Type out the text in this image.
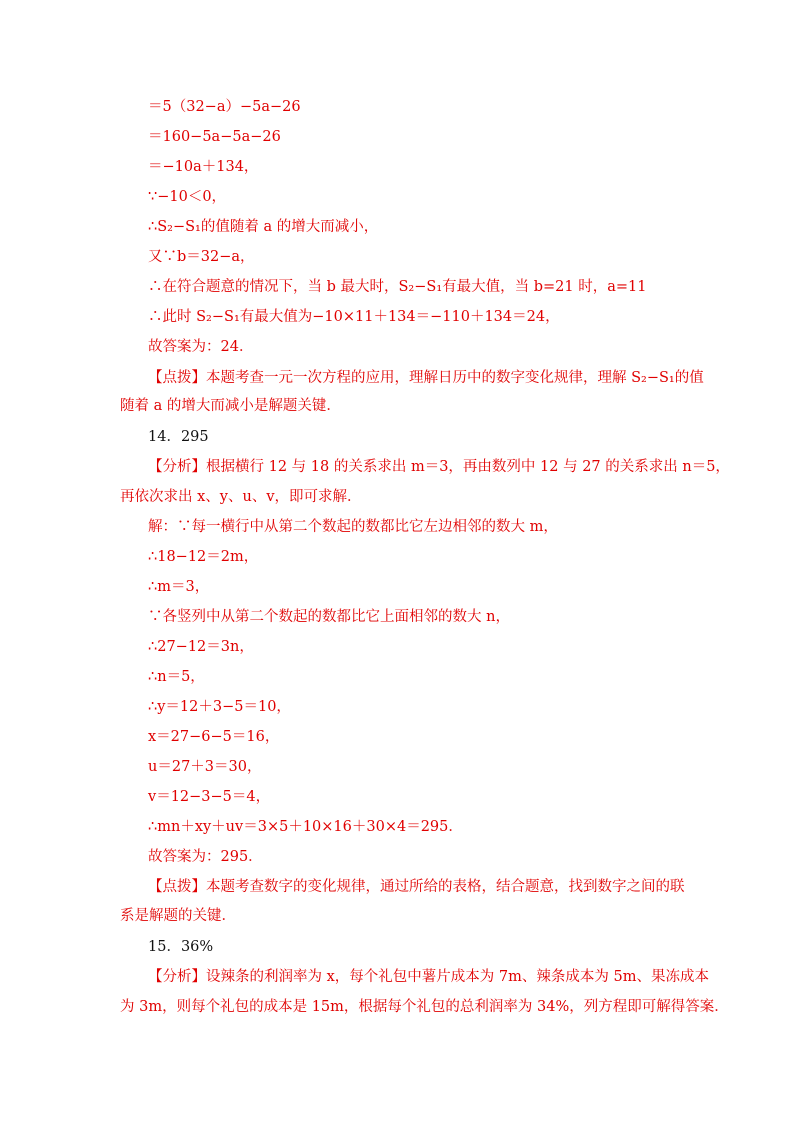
＝5（32−a）−5a−26
＝160−5a−5a−26
＝−10a＋134，
∵−10＜0，
∴S₂−S₁的值随着 a 的增大而减小，
又∵b＝32−a，
∴在符合题意的情况下，当 b 最大时，S₂−S₁有最大值，当 b=21 时，a=11
∴此时 S₂−S₁有最大值为−10×11＋134＝−110＋134＝24，
故答案为：24．
【点拨】本题考查一元一次方程的应用，理解日历中的数字变化规律，理解 S₂−S₁的值
随着 a 的增大而减小是解题关键．
14．295
【分析】根据横行 12 与 18 的关系求出 m＝3，再由数列中 12 与 27 的关系求出 n＝5，
再依次求出 x、y、u、v，即可求解．
解：∵每一横行中从第二个数起的数都比它左边相邻的数大 m，
∴18−12＝2m，
∴m＝3，
∵各竖列中从第二个数起的数都比它上面相邻的数大 n，
∴27−12＝3n，
∴n＝5，
∴y＝12＋3−5＝10，
x＝27−6−5＝16，
u＝27＋3＝30，
v＝12−3−5＝4，
∴mn＋xy＋uv＝3×5＋10×16＋30×4＝295．
故答案为：295．
【点拨】本题考查数字的变化规律，通过所给的表格，结合题意，找到数字之间的联
系是解题的关键．
15．36%
【分析】设辣条的利润率为 x，每个礼包中薯片成本为 7m、辣条成本为 5m、果冻成本
为 3m，则每个礼包的成本是 15m，根据每个礼包的总利润率为 34%，列方程即可解得答案．
